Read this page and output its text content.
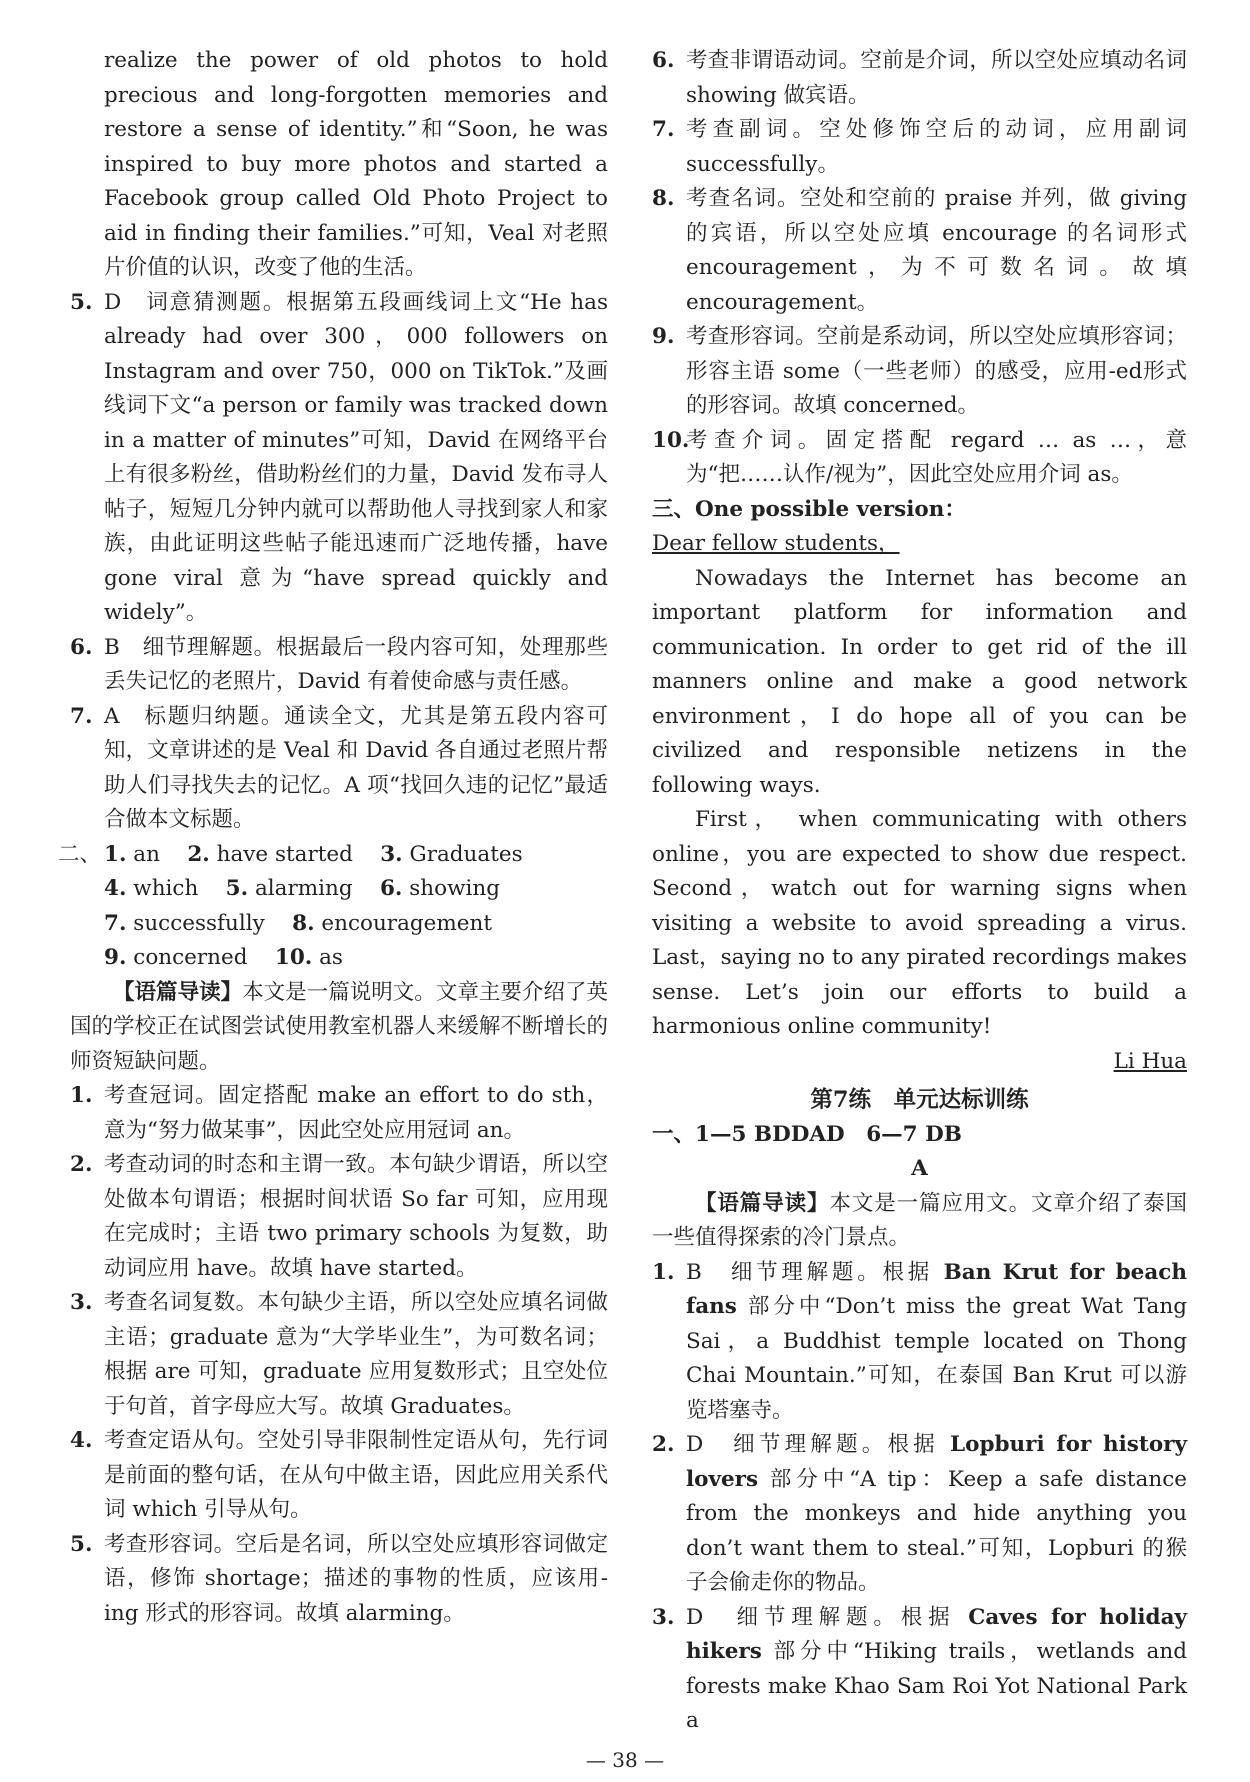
realize the power of old photos to hold precious and long-forgotten memories and restore a sense of identity.”和“Soon, he was inspired to buy more photos and started a Facebook group called Old Photo Project to aid in finding their families.”可知，Veal 对老照片价值的认识，改变了他的生活。

5. D　词意猜测题。根据第五段画线词上文“He has already had over 300，000 followers on Instagram and over 750，000 on TikTok.”及画线词下文“a person or family was tracked down in a matter of minutes”可知，David 在网络平台上有很多粉丝，借助粉丝们的力量，David 发布寻人帖子，短短几分钟内就可以帮助他人寻找到家人和家族，由此证明这些帖子能迅速而广泛地传播，have gone viral 意为“have spread quickly and widely”。
6. B　细节理解题。根据最后一段内容可知，处理那些丢失记忆的老照片，David 有着使命感与责任感。
7. A　标题归纳题。通读全文，尤其是第五段内容可知，文章讲述的是 Veal 和 David 各自通过老照片帮助人们寻找失去的记忆。A 项“找回久违的记忆”最适合做本文标题。
二、 1. an 2. have started 3. Graduates
4. which 5. alarming 6. showing
7. successfully 8. encouragement
9. concerned 10. as

【语篇导读】本文是一篇说明文。文章主要介绍了英国的学校正在试图尝试使用教室机器人来缓解不断增长的师资短缺问题。

1. 考查冠词。固定搭配 make an effort to do sth，意为“努力做某事”，因此空处应用冠词 an。
2. 考查动词的时态和主谓一致。本句缺少谓语，所以空处做本句谓语；根据时间状语 So far 可知，应用现在完成时；主语 two primary schools 为复数，助动词应用 have。故填 have started。
3. 考查名词复数。本句缺少主语，所以空处应填名词做主语；graduate 意为“大学毕业生”，为可数名词；根据 are 可知，graduate 应用复数形式；且空处位于句首，首字母应大写。故填 Graduates。
4. 考查定语从句。空处引导非限制性定语从句，先行词是前面的整句话，在从句中做主语，因此应用关系代词 which 引导从句。
5. 考查形容词。空后是名词，所以空处应填形容词做定语，修饰 shortage；描述的事物的性质，应该用-ing 形式的形容词。故填 alarming。
6. 考查非谓语动词。空前是介词，所以空处应填动名词 showing 做宾语。
7. 考查副词。空处修饰空后的动词，应用副词 successfully。
8. 考查名词。空处和空前的 praise 并列，做 giving 的宾语，所以空处应填 encourage 的名词形式 encouragement，为不可数名词。故填 encouragement。
9. 考查形容词。空前是系动词，所以空处应填形容词；形容主语 some（一些老师）的感受，应用-ed形式的形容词。故填 concerned。
10.
考查介词。固定搭配 regard … as …，意为“把……认作/视为”，因此空处应用介词 as。

三、One possible version：

Dear fellow students，

Nowadays the Internet has become an important platform for information and communication. In order to get rid of the ill manners online and make a good network environment，I do hope all of you can be civilized and responsible netizens in the following ways.

First， when communicating with others online，you are expected to show due respect. Second，watch out for warning signs when visiting a website to avoid spreading a virus. Last，saying no to any pirated recordings makes sense. Let’s join our efforts to build a harmonious online community!

Li Hua

第7练　单元达标训练

一、1—5 BDDAD　6—7 DB

A

【语篇导读】本文是一篇应用文。文章介绍了泰国一些值得探索的冷门景点。

1. B　细节理解题。根据 Ban Krut for beach fans 部分中“Don’t miss the great Wat Tang Sai，a Buddhist temple located on Thong Chai Mountain.”可知，在泰国 Ban Krut 可以游览塔塞寺。
2. D　细节理解题。根据 Lopburi for history lovers 部分中“A tip：Keep a safe distance from the monkeys and hide anything you don’t want them to steal.”可知，Lopburi 的猴子会偷走你的物品。
3. D　细节理解题。根据 Caves for holiday hikers 部分中“Hiking trails，wetlands and forests make Khao Sam Roi Yot National Park a
— 38 —
